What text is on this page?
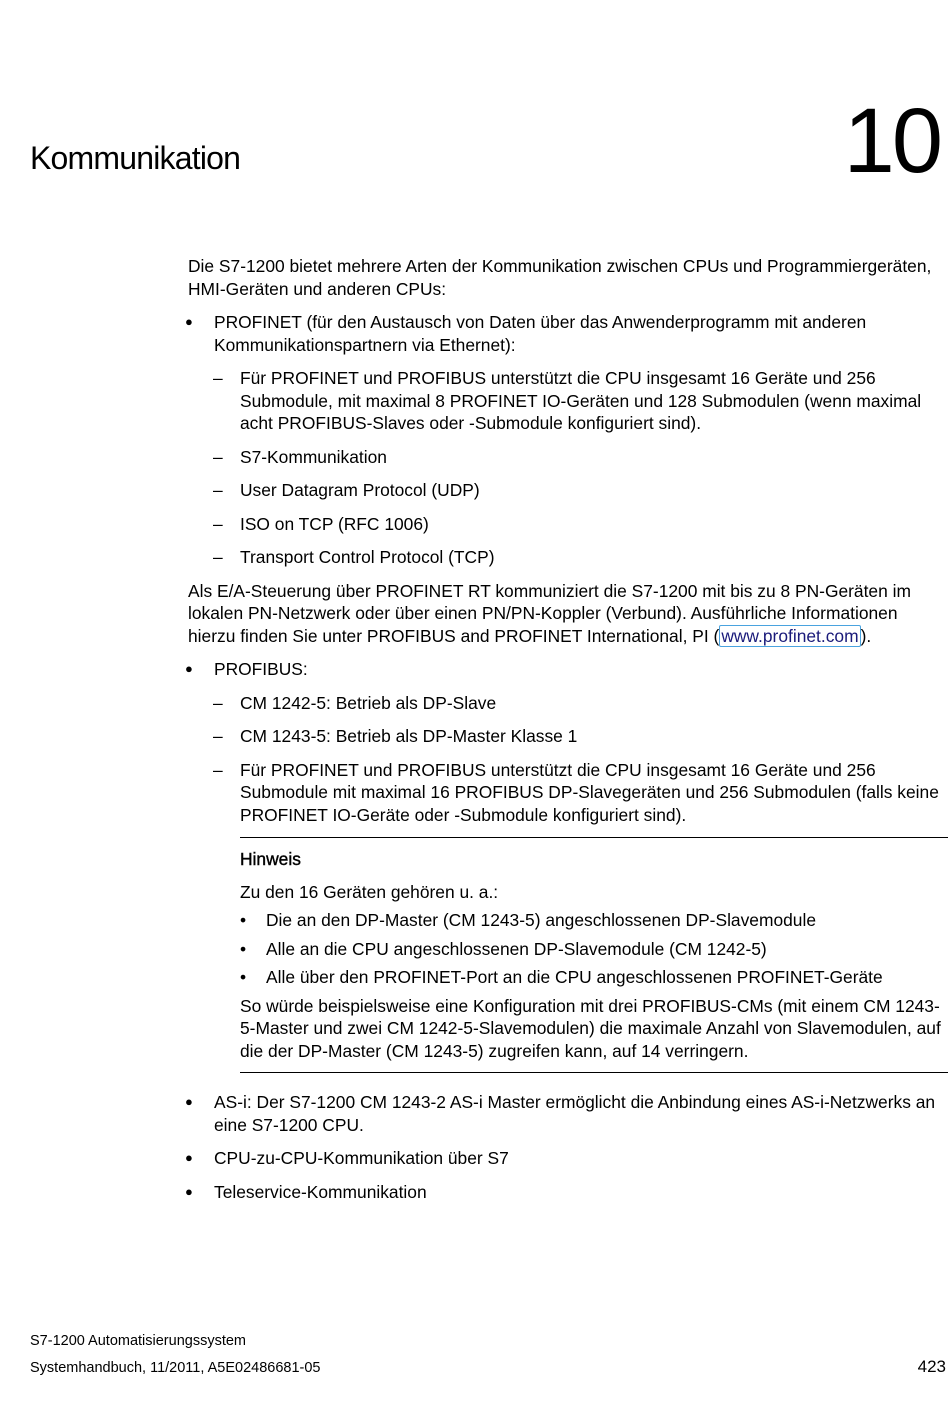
Kommunikation	10

Die S7-1200 bietet mehrere Arten der Kommunikation zwischen CPUs und Programmiergeräten, HMI-Geräten und anderen CPUs:

● PROFINET (für den Austausch von Daten über das Anwenderprogramm mit anderen Kommunikationspartnern via Ethernet):
– Für PROFINET und PROFIBUS unterstützt die CPU insgesamt 16 Geräte und 256 Submodule, mit maximal 8 PROFINET IO-Geräten und 128 Submodulen (wenn maximal acht PROFIBUS-Slaves oder -Submodule konfiguriert sind).
– S7-Kommunikation
– User Datagram Protocol (UDP)
– ISO on TCP (RFC 1006)
– Transport Control Protocol (TCP)

Als E/A-Steuerung über PROFINET RT kommuniziert die S7-1200 mit bis zu 8 PN-Geräten im lokalen PN-Netzwerk oder über einen PN/PN-Koppler (Verbund). Ausführliche Informationen hierzu finden Sie unter PROFIBUS and PROFINET International, PI ( www.profinet.com ).

● PROFIBUS:
– CM 1242-5: Betrieb als DP-Slave
– CM 1243-5: Betrieb als DP-Master Klasse 1
– Für PROFINET und PROFIBUS unterstützt die CPU insgesamt 16 Geräte und 256 Submodule mit maximal 16 PROFIBUS DP-Slavegeräten und 256 Submodulen (falls keine PROFINET IO-Geräte oder -Submodule konfiguriert sind).
Hinweis
Zu den 16 Geräten gehören u. a.:
• Die an den DP-Master (CM 1243-5) angeschlossenen DP-Slavemodule
• Alle an die CPU angeschlossenen DP-Slavemodule (CM 1242-5)
• Alle über den PROFINET-Port an die CPU angeschlossenen PROFINET-Geräte
So würde beispielsweise eine Konfiguration mit drei PROFIBUS-CMs (mit einem CM 1243-5-Master und zwei CM 1242-5-Slavemodulen) die maximale Anzahl von Slavemodulen, auf die der DP-Master (CM 1243-5) zugreifen kann, auf 14 verringern.
● AS-i: Der S7-1200 CM 1243-2 AS-i Master ermöglicht die Anbindung eines AS-i-Netzwerks an eine S7-1200 CPU.
● CPU-zu-CPU-Kommunikation über S7
● Teleservice-Kommunikation
S7-1200 Automatisierungssystem
Systemhandbuch, 11/2011, A5E02486681-05	423
